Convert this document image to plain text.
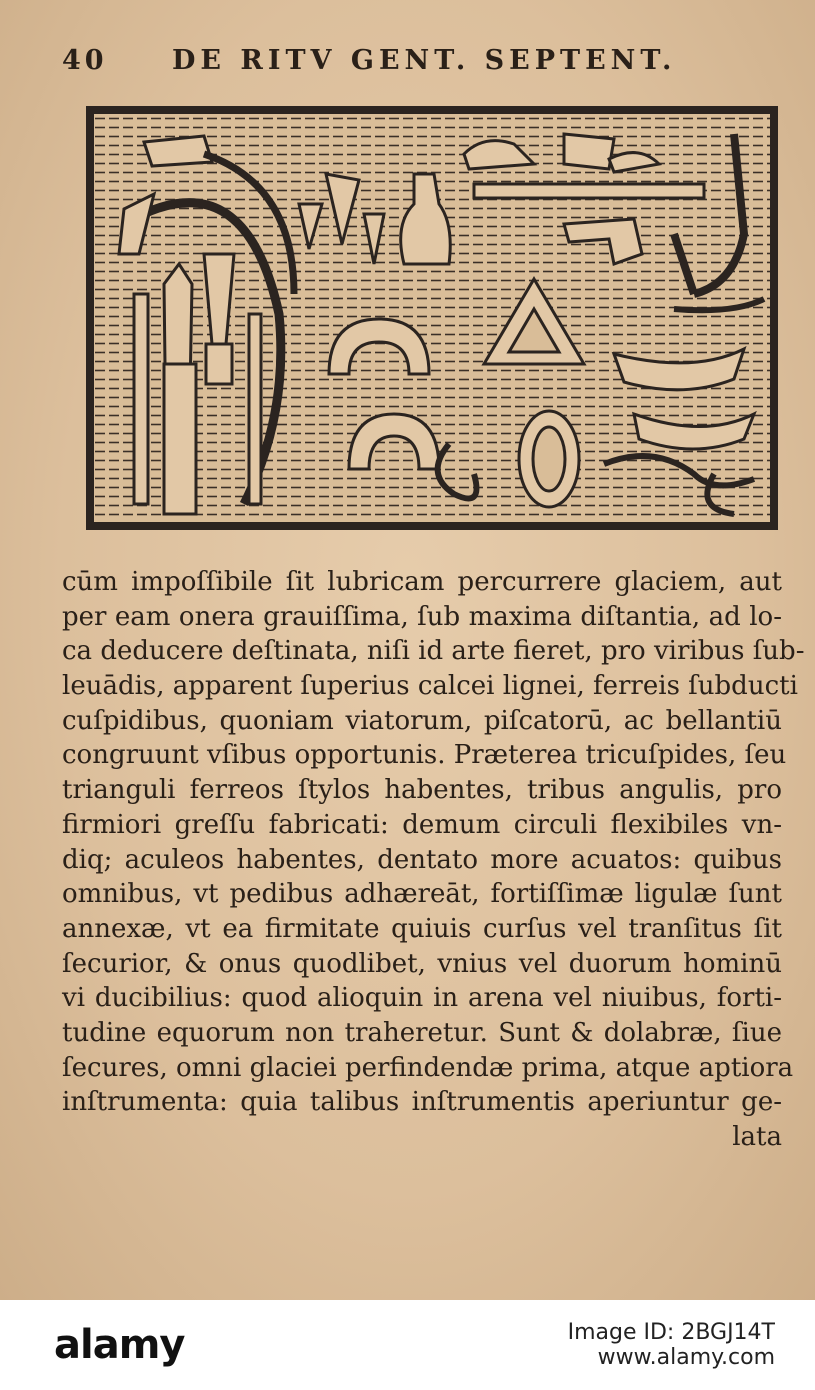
40	DE RITV GENT. SEPTENT.
cūm impoſſibile ſit lubricam percurrere glaciem, aut
per eam onera grauiſſima, ſub maxima diſtantia, ad lo-
ca deducere deſtinata, niſi id arte fieret, pro viribus ſub-
leuādis, apparent ſuperius calcei lignei, ferreis ſubducti
cuſpidibus, quoniam viatorum, piſcatorū, ac bellantiū
congruunt vſibus opportunis. Præterea tricuſpides, ſeu
trianguli ferreos ſtylos habentes, tribus angulis, pro
firmiori greſſu fabricati: demum circuli flexibiles vn-
diq; aculeos habentes, dentato more acuatos: quibus
omnibus, vt pedibus adhæreāt, fortiſſimæ ligulæ ſunt
annexæ, vt ea firmitate quiuis curſus vel tranſitus ſit
ſecurior, & onus quodlibet, vnius vel duorum hominū
vi ducibilius: quod alioquin in arena vel niuibus, forti-
tudine equorum non traheretur. Sunt & dolabræ, ſiue
ſecures, omni glaciei perfindendæ prima, atque aptiora
inſtrumenta: quia talibus inſtrumentis aperiuntur ge-
lata
alamy	Image ID: 2BGJ14T
www.alamy.com
